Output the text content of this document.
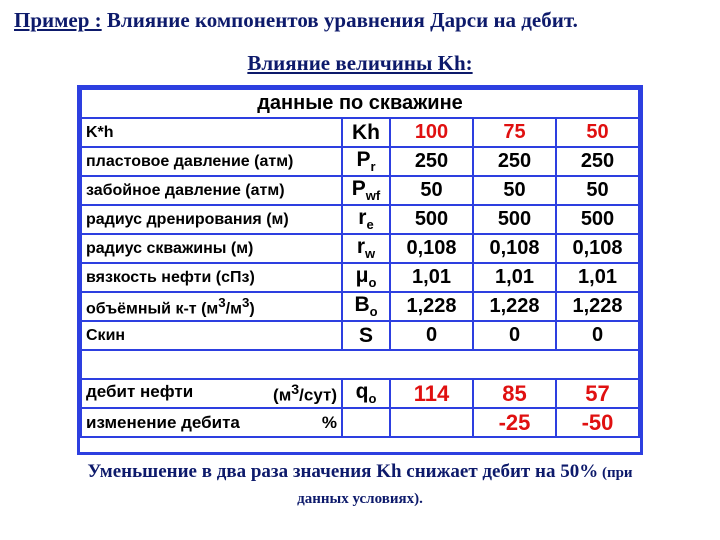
Пример : Влияние компонентов уравнения Дарси на дебит.
Влияние величины Kh:
данные по скважине				
K*h	Kh	100	75	50
пластовое давление (атм)	$P_r$	250	250	250
забойное давление (атм)	$P_{wf}$	50	50	50
радиус дренирования (м)	$r_e$	500	500	500
радиус скважины (м)	$r_w$	0,108	0,108	0,108
вязкость нефти (сПз)	$\mu_o$	1,01	1,01	1,01
объёмный к-т $(м^3/м^3)$	$B_o$	1,228	1,228	1,228
Скин	S	0	0	0

дебит нефти $(м^3/сут)$	$q_o$	114	85	57
изменение дебита %			-25	-50
Уменьшение в два раза значения Kh снижает дебит на 50% (при
данных условиях).
